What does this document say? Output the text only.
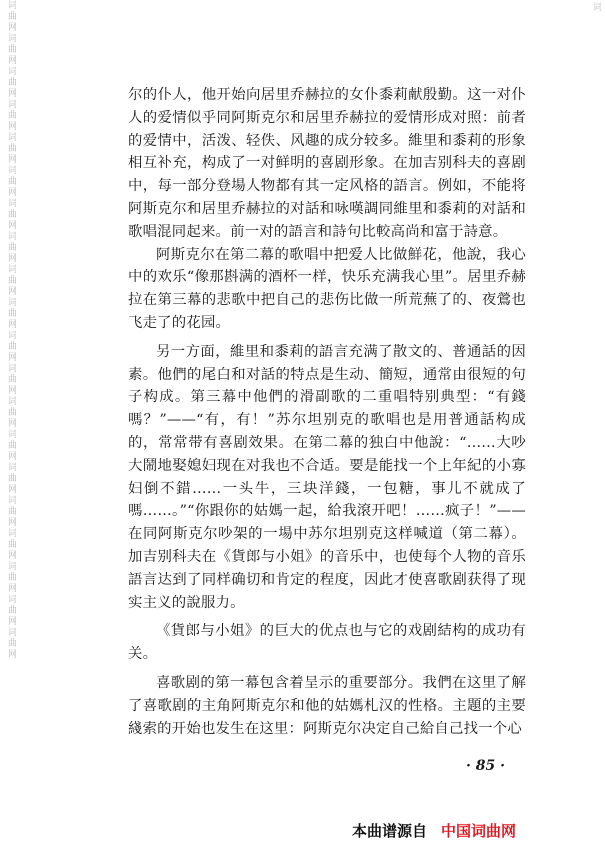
词曲网词曲网词曲网词曲网词曲网词曲网词曲网词曲网词曲网词曲网词曲网词曲网词曲网词曲网词曲网词曲网词曲网词曲网词曲网词曲网	词

尔的仆人，他开始向居里乔赫拉的女仆黍莉献殷勤。这一对仆人的爱情似乎同阿斯克尔和居里乔赫拉的爱情形成对照：前者的爱情中，活泼、轻佚、风趣的成分较多。維里和黍莉的形象相互补充，构成了一对鲜明的喜剧形象。在加吉别科夫的喜剧中，每一部分登場人物都有其一定风格的語言。例如，不能将阿斯克尔和居里乔赫拉的对話和咏嘆調同維里和黍莉的对話和歌唱混同起来。前一对的語言和詩句比較高尚和富于詩意。

阿斯克尔在第二幕的歌唱中把爱人比做鮮花，他說，我心中的欢乐“像那斟满的酒杯一样，快乐充满我心里”。居里乔赫拉在第三幕的悲歌中把自己的悲伤比做一所荒蕪了的、夜鶯也飞走了的花园。

另一方面，維里和黍莉的語言充满了散文的、普通話的因素。他們的尾白和对話的特点是生动、簡短，通常由很短的句子构成。第三幕中他們的滑副歌的二重唱特别典型：“有錢嗎？”——“有，有！”苏尔坦别克的歌唱也是用普通話构成的，常常带有喜剧效果。在第二幕的独白中他說：“……大吵大鬧地娶媳妇现在对我也不合适。要是能找一个上年紀的小寡妇倒不錯……一头牛，三块洋錢，一包糖，事儿不就成了嗎……。”“你跟你的姑媽一起，給我滾开吧！……疯子！”——在同阿斯克尔吵架的一場中苏尔坦别克这样喊道（第二幕）。加吉别科夫在《貨郎与小姐》的音乐中，也使每个人物的音乐語言达到了同样确切和肯定的程度，因此才使喜歌剧获得了现实主义的說服力。

《貨郎与小姐》的巨大的优点也与它的戏剧結构的成功有关。

喜歌剧的第一幕包含着呈示的重要部分。我們在这里了解了喜歌剧的主角阿斯克尔和他的姑媽札汉的性格。主題的主要綫索的开始也发生在这里：阿斯克尔决定自己給自己找一个心

· 85 ·
本曲谱源自 中国词曲网
